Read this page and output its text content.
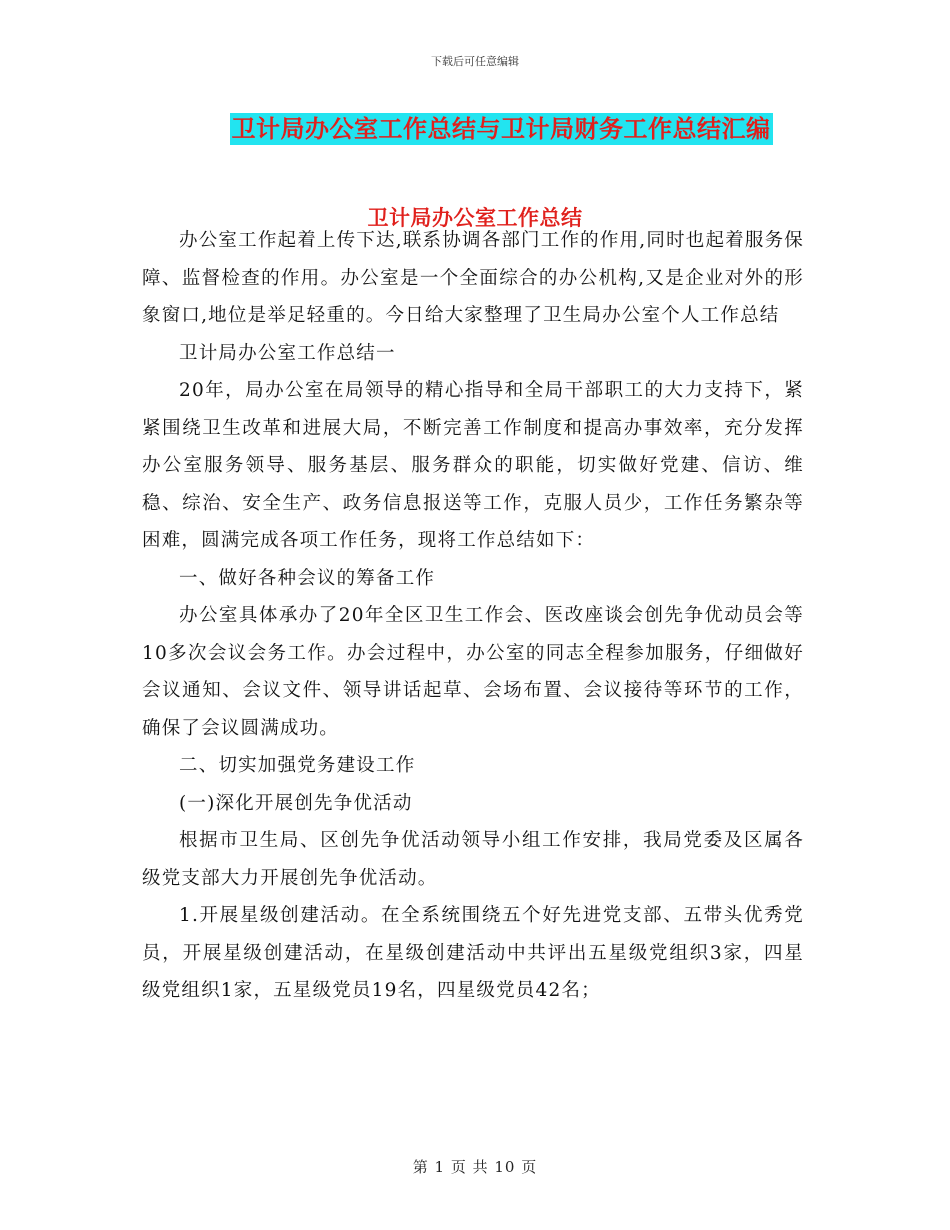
下载后可任意编辑
卫计局办公室工作总结与卫计局财务工作总结汇编
卫计局办公室工作总结

办公室工作起着上传下达,联系协调各部门工作的作用,同时也起着服务保障、监督检查的作用。办公室是一个全面综合的办公机构,又是企业对外的形象窗口,地位是举足轻重的。今日给大家整理了卫生局办公室个人工作总结

卫计局办公室工作总结一

20年，局办公室在局领导的精心指导和全局干部职工的大力支持下，紧紧围绕卫生改革和进展大局，不断完善工作制度和提高办事效率，充分发挥办公室服务领导、服务基层、服务群众的职能，切实做好党建、信访、维稳、综治、安全生产、政务信息报送等工作，克服人员少，工作任务繁杂等困难，圆满完成各项工作任务，现将工作总结如下：

一、做好各种会议的筹备工作

办公室具体承办了20年全区卫生工作会、医改座谈会创先争优动员会等10多次会议会务工作。办会过程中，办公室的同志全程参加服务，仔细做好会议通知、会议文件、领导讲话起草、会场布置、会议接待等环节的工作，确保了会议圆满成功。

二、切实加强党务建设工作

(一)深化开展创先争优活动

根据市卫生局、区创先争优活动领导小组工作安排，我局党委及区属各级党支部大力开展创先争优活动。

1.开展星级创建活动。在全系统围绕五个好先进党支部、五带头优秀党员，开展星级创建活动，在星级创建活动中共评出五星级党组织3家，四星级党组织1家，五星级党员19名，四星级党员42名；

第 1 页 共 10 页
